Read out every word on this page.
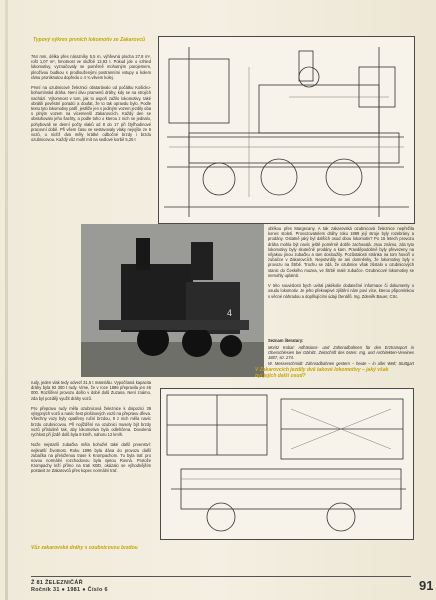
Typový výkres prvních lokomotiv ze Zakarovců
764 mm, délka přes nárazníky 5,5 m, výhřevná plocha 27,8 m², rošt 1,07 m², hmotnost ve službě 13,93 t. Pokud jde o vzhled lokomotivy, vyznačovaly se poměrně mohutným parojemem, plnoživou budkou s prodlouženými postranními vstupy a kolem rámu proniknutou dopředu o 4 ¾ vlivem kolej.

První na ozubnicové železnici obstarávalo od počátku Košicko-bohumínská dráha. Není divu pramenů dráhy, kdy se na strojích nachází. Výtomnost v tom, jak to aspoň zažilo lokomotivy, také obrátili pověstní poradci a doufat, že to tak opravdu bylo. Podle textu tyto lokomotivy patří, jestliže jen s jediným vozem jezdily oba s plným vozem na vícemenší Zakarovcích. Každý den se obsluhovalo jeho šachty, a podle toho o kterou z nich se jednalo, pohybovali se denní počty vlaků od 8 do 17 při čtyřhodinové pracovní době. Při všem času se sestavovaly vlaky nejvýše ze 6 vozů, u nichž dva měly krátké odbočné brzdy i brzdu ozubnicovou. Každý vůz mohl mít na sedlové korbě 5,25 t
4
V Zakarovcích jezdily dvě takové lokomotivy – jaký však byl jejich další osud?
oblíkou přes Margecany. A tak zakarovská ozubnicová železnice nepřežila konec století. Provozovatelem dráhy roku 1899 její stroje byly rozebrány a prodány. Ostatně jaký byl dalších osud obou lokomotiv? Po 15 letech provozu dráha mohla být navíc ještě poměrně dobře zachovalá. Jsou známo, zda tyto lokomotivy byly skutečně prodány a kam. Pravděpodobně byly převezeny na nějakou jinou zubačku a tam dosloužily. Pozůstalosti stránka na tom hovoří o zubačce v Zakarovcích. Nepotvrdily se ani domněnky, že lokomotivy byly v provozu na Štrbě. Trochu se zdá, že ozubnice však zůstalo u ozubnicových stanic do Českého muzea, ve Štrbě malé zubačce. Ozubnicové lokomotivy se nemohly uplatnit.

V této souvislosti bych uvítal jakékoliv dodatečné informace či dokumenty o osudu lokomotiv. Je jeho překvapivé zjištění nám poví více, kterou připomínkou s věcné náhradou a doplňujícími údaji čtenářů. Ing. Zdeněk Bauer, CSc.
Seznam literatury:
Moritz Kobat: Adhäsions- und Zahnradbahnen für den Erztransport in Oberschlesien bei Gölnitz. Zeitschrift des österr. Ing. und Architekten-Vereines 1887, str. 274.
W. Messerschmidt: Zahnradbahnen gestern – heute – in aller Welt; Stuttgart

rudy, jeden vlak tedy odvezl 31,5 t materiálu. Vypočítaná kapacita dráhy byla 92 300 t rudy. Vime, že v roce 1886 přepravila jen 46 000. Rozšíření provozu došlo v době dolů Zuzana. Není známo, zda byl později využit dráhy vozů.

Pro přepravu rudy měla ozubnicová železnice k dispozici 39 výsypných vozů a navíc šest plošinových vozů na přepravu dřeva. Všechny vozy byly opatřeny ruční brzdou, 9 z nich měla navíc brzdu ozubnicovou. Při nojížďění na ozubnici musely být brzdy vozů příslušně tak, aby lokomotiva byla odlehčena. Dovolená rychlost při jízdě dolů byla 8 km/h, nahoru 12 km/h.

Nože nejstarší zubačka měla bohužel také další prvenství: nejkratší životnost. Roku 1896 byla dána do provozu další zubačka na přeloženou trase k Krompachom. Tu byla trať pro novou normální rozchodovou byla sjetou Rovná. Protože Krompachy leží přímo na trati KBD, okázalo se výhodnějším postavit ze Zakarovců přes kopec normální trať.
Vůz zakarovské dráhy s ozubnicovou brzdou
Ž 81 ŽELEZNIČÁŘ
Ročník 31 ● 1981 ● Číslo 6	91
